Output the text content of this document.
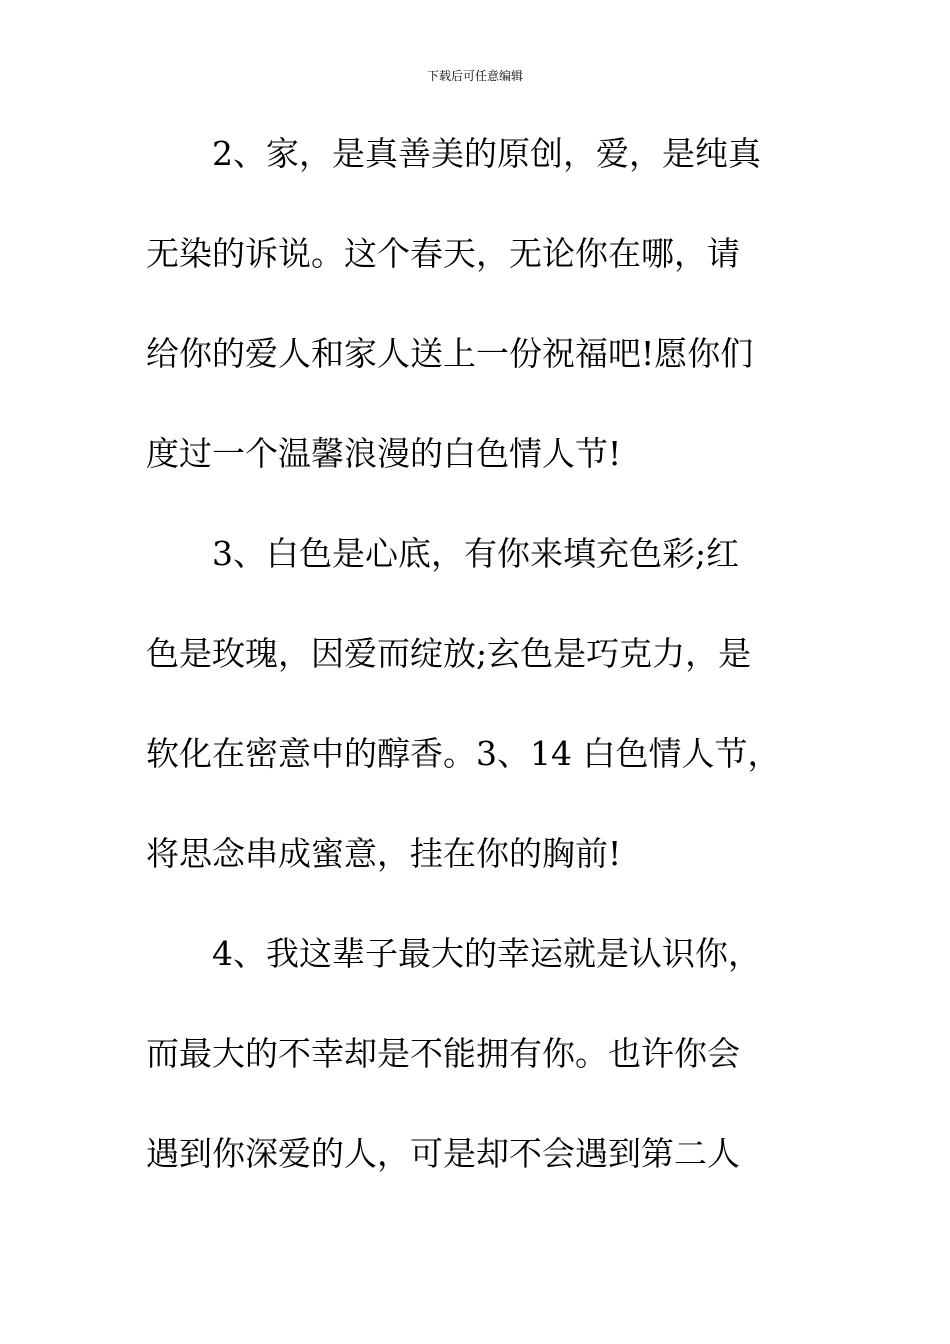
下载后可任意编辑
2、家，是真善美的原创，爱，是纯真
无染的诉说。这个春天，无论你在哪，请
给你的爱人和家人送上一份祝福吧!愿你们
度过一个温馨浪漫的白色情人节!
3、白色是心底，有你来填充色彩;红
色是玫瑰，因爱而绽放;玄色是巧克力，是
软化在密意中的醇香。3、14 白色情人节，
将思念串成蜜意，挂在你的胸前!
4、我这辈子最大的幸运就是认识你，
而最大的不幸却是不能拥有你。也许你会
遇到你深爱的人，可是却不会遇到第二人
